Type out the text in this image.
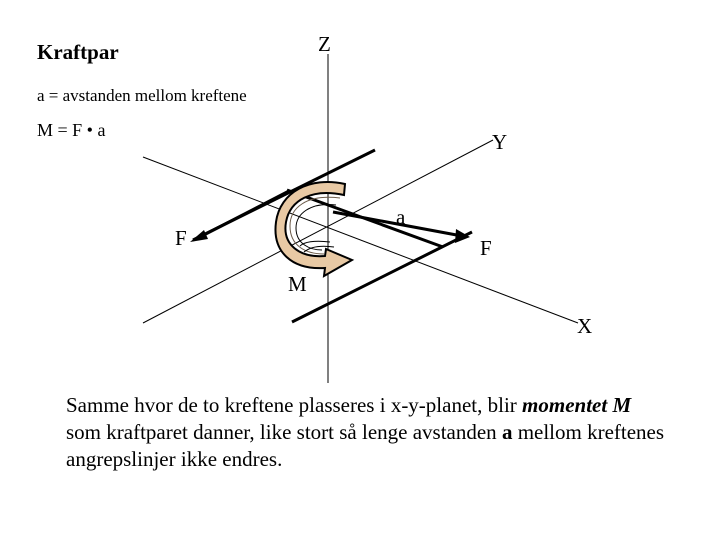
Kraftpar
a = avstanden mellom kreftene
M = F • a
Z
Y
X
F	F
a
M
Samme hvor de to kreftene plasseres i x-y-planet, blir momentet M som kraftparet danner, like stort så lenge avstanden a mellom kreftenes angrepslinjer ikke endres.
